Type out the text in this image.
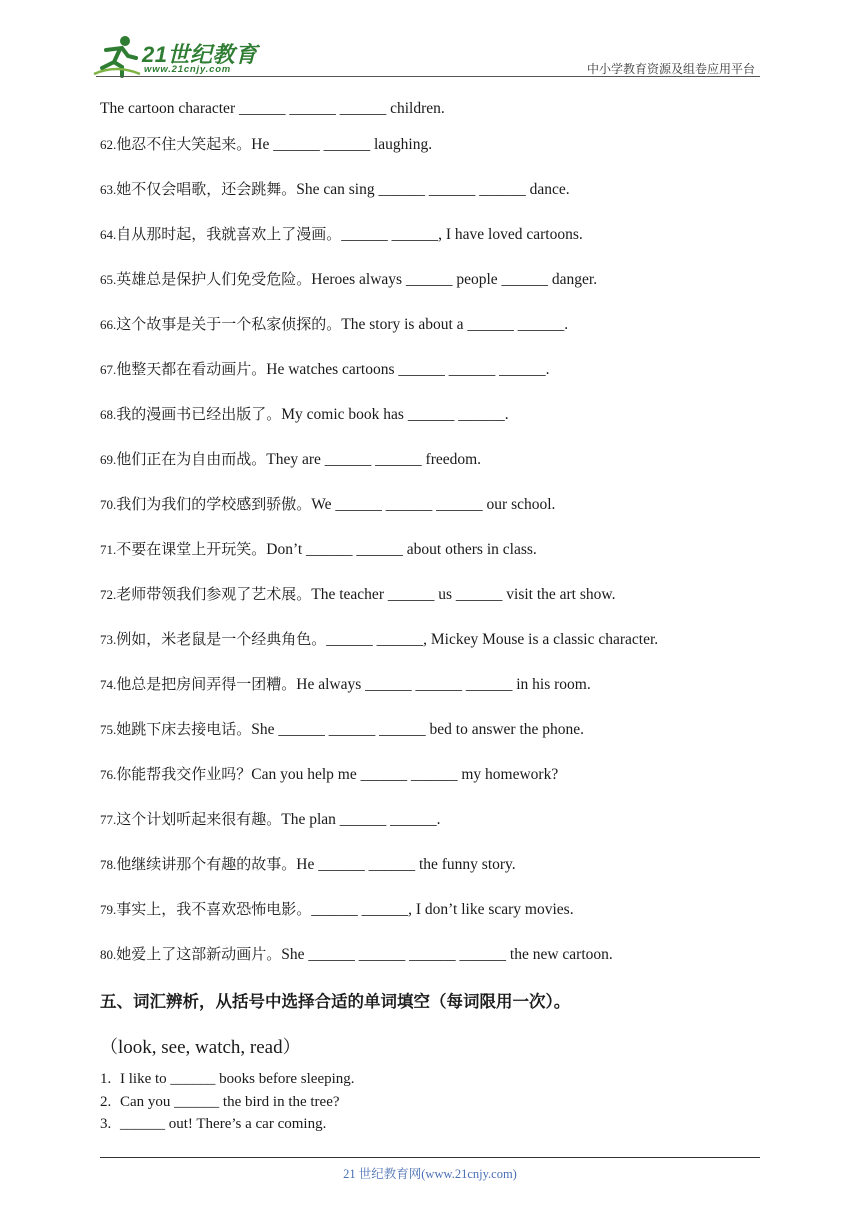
21世纪教育
www.21cnjy.com	中小学教育资源及组卷应用平台
The cartoon character ______ ______ ______ children.
62.他忍不住大笑起来。He ______ ______ laughing.
63.她不仅会唱歌，还会跳舞。She can sing ______ ______ ______ dance.
64.自从那时起，我就喜欢上了漫画。______ ______, I have loved cartoons.
65.英雄总是保护人们免受危险。Heroes always ______ people ______ danger.
66.这个故事是关于一个私家侦探的。The story is about a ______ ______.
67.他整天都在看动画片。He watches cartoons ______ ______ ______.
68.我的漫画书已经出版了。My comic book has ______ ______.
69.他们正在为自由而战。They are ______ ______ freedom.
70.我们为我们的学校感到骄傲。We ______ ______ ______ our school.
71.不要在课堂上开玩笑。Don’t ______ ______ about others in class.
72.老师带领我们参观了艺术展。The teacher ______ us ______ visit the art show.
73.例如，米老鼠是一个经典角色。______ ______, Mickey Mouse is a classic character.
74.他总是把房间弄得一团糟。He always ______ ______ ______ in his room.
75.她跳下床去接电话。She ______ ______ ______ bed to answer the phone.
76.你能帮我交作业吗？Can you help me ______ ______ my homework?
77.这个计划听起来很有趣。The plan ______ ______.
78.他继续讲那个有趣的故事。He ______ ______ the funny story.
79.事实上，我不喜欢恐怖电影。______ ______, I don’t like scary movies.
80.她爱上了这部新动画片。She ______ ______ ______ ______ the new cartoon.
五、词汇辨析，从括号中选择合适的单词填空（每词限用一次）。
（look, see, watch, read）
1. I like to ______ books before sleeping.
2. Can you ______ the bird in the tree?
3. ______ out! There’s a car coming.
21 世纪教育网(www.21cnjy.com)
